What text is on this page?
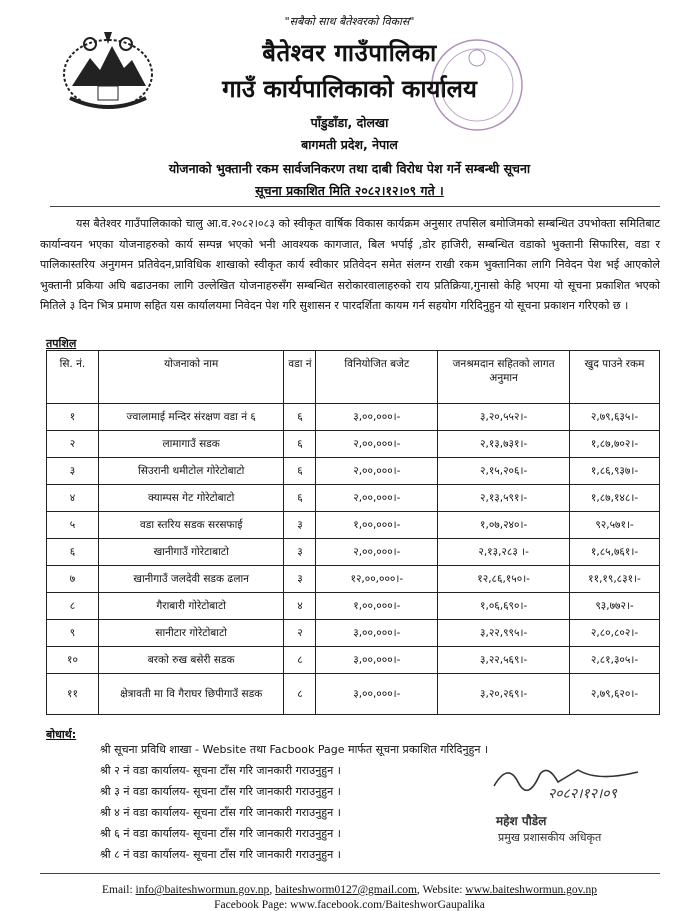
"सबैको साथ बैतेश्वरको विकास"
बैतेश्वर गाउँपालिका
गाउँ कार्यपालिकाको कार्यालय
पाँडुडाँडा, दोलखा
बागमती प्रदेश, नेपाल
योजनाको भुक्तानी रकम सार्वजनिकरण तथा दाबी विरोध पेश गर्ने सम्बन्धी सूचना
सूचना प्रकाशित मिति २०८२।१२।०९ गते ।
यस बैतेश्वर गाउँपालिकाको चालु आ.व.२०८२।०८३ को स्वीकृत वार्षिक विकास कार्यक्रम अनुसार तपसिल बमोजिमको सम्बन्धित उपभोक्ता समितिबाट कार्यान्वयन भएका योजनाहरुको कार्य सम्पन्न भएको भनी आवश्यक कागजात, बिल भर्पाई ,डोर हाजिरी, सम्बन्धित वडाको भुक्तानी सिफारिस, वडा र पालिकास्तरिय अनुगमन प्रतिवेदन,प्राविधिक शाखाको स्वीकृत कार्य स्वीकार प्रतिवेदन समेत संलग्न राखी रकम भुक्तानिका लागि निवेदन पेश भई आएकोले भुक्तानी प्रकिया अघि बढाउनका लागि उल्लेखित योजनाहरुसँग सम्बन्धित सरोकारवालाहरुको राय प्रतिक्रिया,गुनासो केहि भएमा यो सूचना प्रकाशित भएको मितिले ३ दिन भित्र प्रमाण सहित यस कार्यालयमा निवेदन पेश गरि सुशासन र पारदर्शिता कायम गर्न सहयोग गरिदिनुहुन यो सूचना प्रकाशन गरिएको छ ।
तपशिल
सि. नं.	योजनाको नाम	वडा नं	विनियोजित बजेट	जनश्रमदान सहितको लागत अनुमान	खुद पाउने रकम
१	ज्वालामाई मन्दिर संरक्षण वडा नं ६	६	३,००,०००।-	३,२०,५५२।-	२,७९,६३५।-
२	लामागाउँ सडक	६	२,००,०००।-	२,१३,७३१।-	१,८७,७०२।-
३	सिउरानी थमीटोल गोरेटोबाटो	६	२,००,०००।-	२,१५,२०६।-	१,८६,९३७।-
४	क्याम्पस गेट गोरेटोबाटो	६	२,००,०००।-	२,१३,५९१।-	१,८७,१४८।-
५	वडा स्तरिय सडक सरसफाई	३	१,००,०००।-	१,०७,२४०।-	९२,५७१।-
६	खानीगाउँ गोरेटाबाटो	३	२,००,०००।-	२,१३,२८३ ।-	१,८५,७६१।-
७	खानीगाउँ जलदेवी सडक ढलान	३	१२,००,०००।-	१२,८६,१५०।-	११,१९,८३१।-
८	गैराबारी गोरेटोबाटो	४	१,००,०००।-	१,०६,६९०।-	९३,७७२।-
९	सानीटार गोरेटोबाटो	२	३,००,०००।-	३,२२,९९५।-	२,८०,८०२।-
१०	बरको रुख बसेरी सडक	८	३,००,०००।-	३,२२,५६९।-	२,८१,३०५।-
११	क्षेत्रावती मा वि गैराघर छिपीगाउँ सडक	८	३,००,०००।-	३,२०,२६९।-	२,७९,६२०।-
बोधार्थ:
श्री सूचना प्रविधि शाखा - Website तथा Facbook Page मार्फत सूचना प्रकाशित गरिदिनुहुन ।
श्री २ नं वडा कार्यालय- सूचना टाँस गरि जानकारी गराउनुहुन ।
श्री ३ नं वडा कार्यालय- सूचना टाँस गरि जानकारी गराउनुहुन ।
श्री ४ नं वडा कार्यालय- सूचना टाँस गरि जानकारी गराउनुहुन ।
श्री ६ नं वडा कार्यालय- सूचना टाँस गरि जानकारी गराउनुहुन ।
श्री ८ नं वडा कार्यालय- सूचना टाँस गरि जानकारी गराउनुहुन ।
२०८२।१२।०९
महेश पौडेल
प्रमुख प्रशासकीय अधिकृत
Email: info@baiteshwormun.gov.np, baiteshworm0127@gmail.com, Website: www.baiteshwormun.gov.np
Facebook Page: www.facebook.com/BaiteshworGaupalika
